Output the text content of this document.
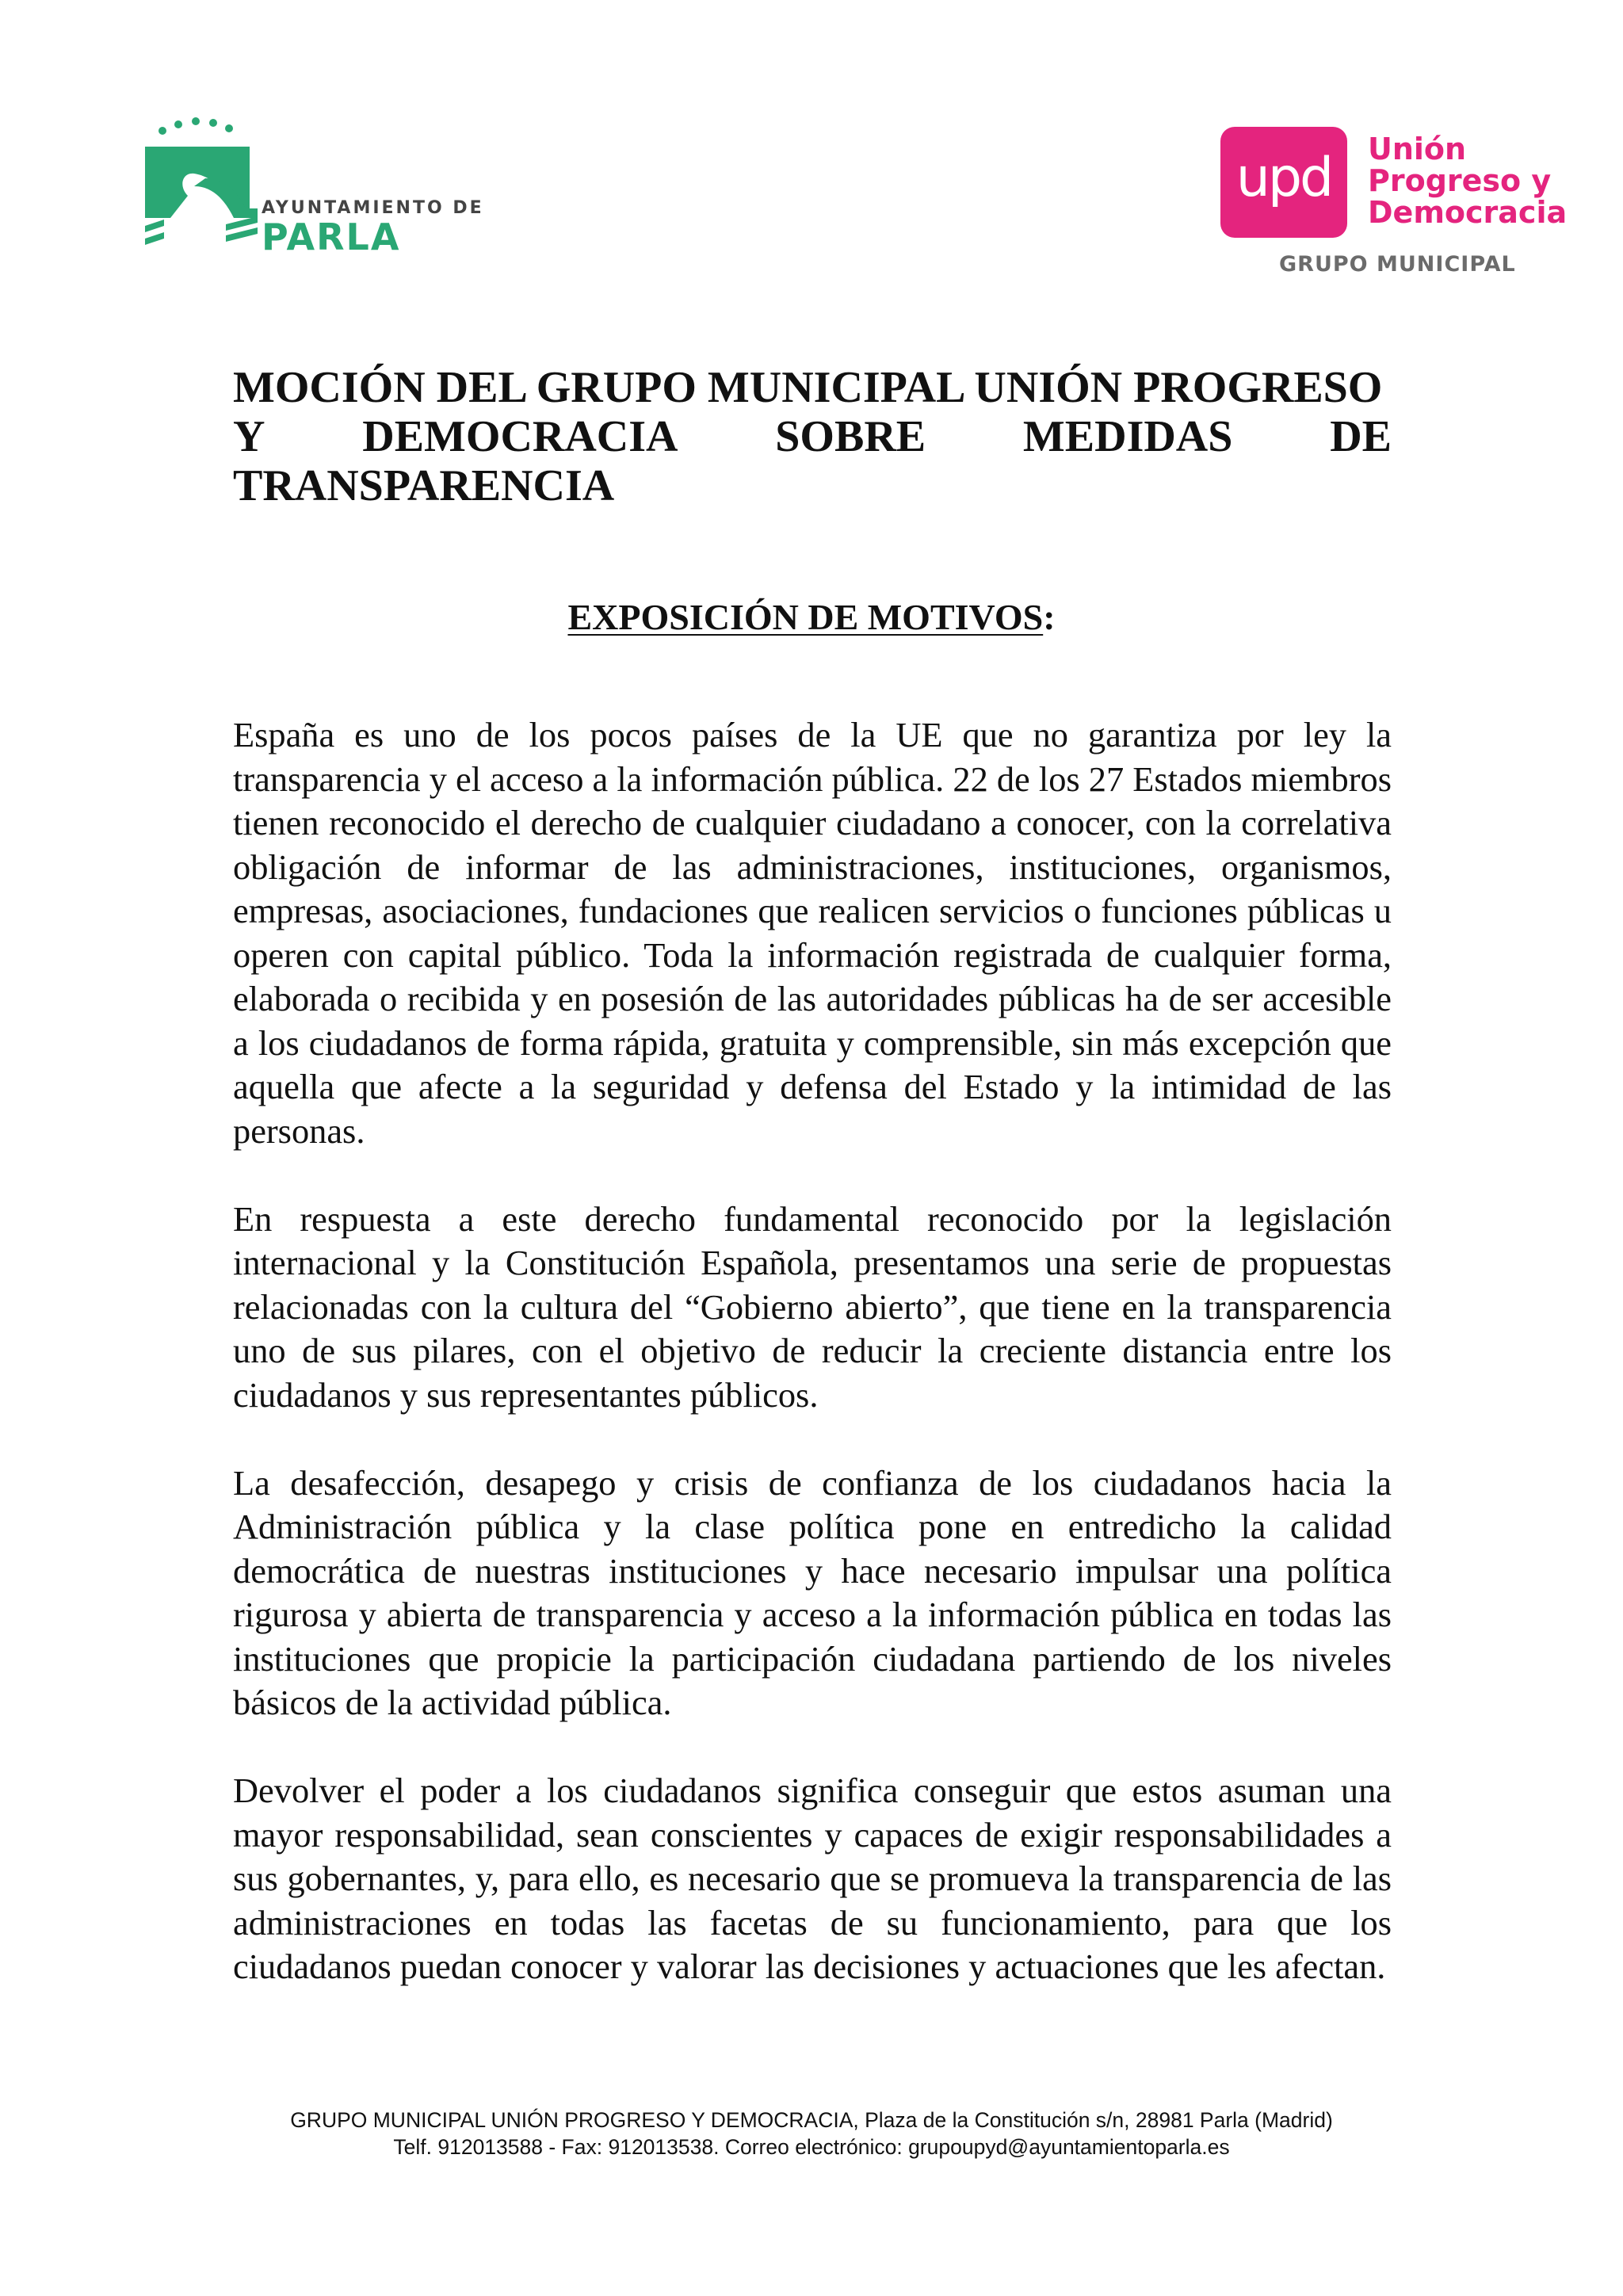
AYUNTAMIENTO DE
PARLA
upd Unión
Progreso y
Democracia
GRUPO MUNICIPAL
MOCIÓN DEL GRUPO MUNICIPAL UNIÓN PROGRESO
Y DEMOCRACIA SOBRE MEDIDAS DE
TRANSPARENCIA
EXPOSICIÓN DE MOTIVOS:

España es uno de los pocos países de la UE que no garantiza por ley la transparencia y el acceso a la información pública. 22 de los 27 Estados miembros tienen reconocido el derecho de cualquier ciudadano a conocer, con la correlativa obligación de informar de las administraciones, instituciones, organismos, empresas, asociaciones, fundaciones que realicen servicios o funciones públicas u operen con capital público. Toda la información registrada de cualquier forma, elaborada o recibida y en posesión de las autoridades públicas ha de ser accesible a los ciudadanos de forma rápida, gratuita y comprensible, sin más excepción que aquella que afecte a la seguridad y defensa del Estado y la intimidad de las personas.

En respuesta a este derecho fundamental reconocido por la legislación internacional y la Constitución Española, presentamos una serie de propuestas relacionadas con la cultura del “Gobierno abierto”, que tiene en la transparencia uno de sus pilares, con el objetivo de reducir la creciente distancia entre los ciudadanos y sus representantes públicos.

La desafección, desapego y crisis de confianza de los ciudadanos hacia la Administración pública y la clase política pone en entredicho la calidad democrática de nuestras instituciones y hace necesario impulsar una política rigurosa y abierta de transparencia y acceso a la información pública en todas las instituciones que propicie la participación ciudadana partiendo de los niveles básicos de la actividad pública.

Devolver el poder a los ciudadanos significa conseguir que estos asuman una mayor responsabilidad, sean conscientes y capaces de exigir responsabilidades a sus gobernantes, y, para ello, es necesario que se promueva la transparencia de las administraciones en todas las facetas de su funcionamiento, para que los ciudadanos puedan conocer y valorar las decisiones y actuaciones que les afectan.

GRUPO MUNICIPAL UNIÓN PROGRESO Y DEMOCRACIA, Plaza de la Constitución s/n, 28981 Parla (Madrid)
Telf. 912013588 - Fax: 912013538. Correo electrónico: grupoupyd@ayuntamientoparla.es
